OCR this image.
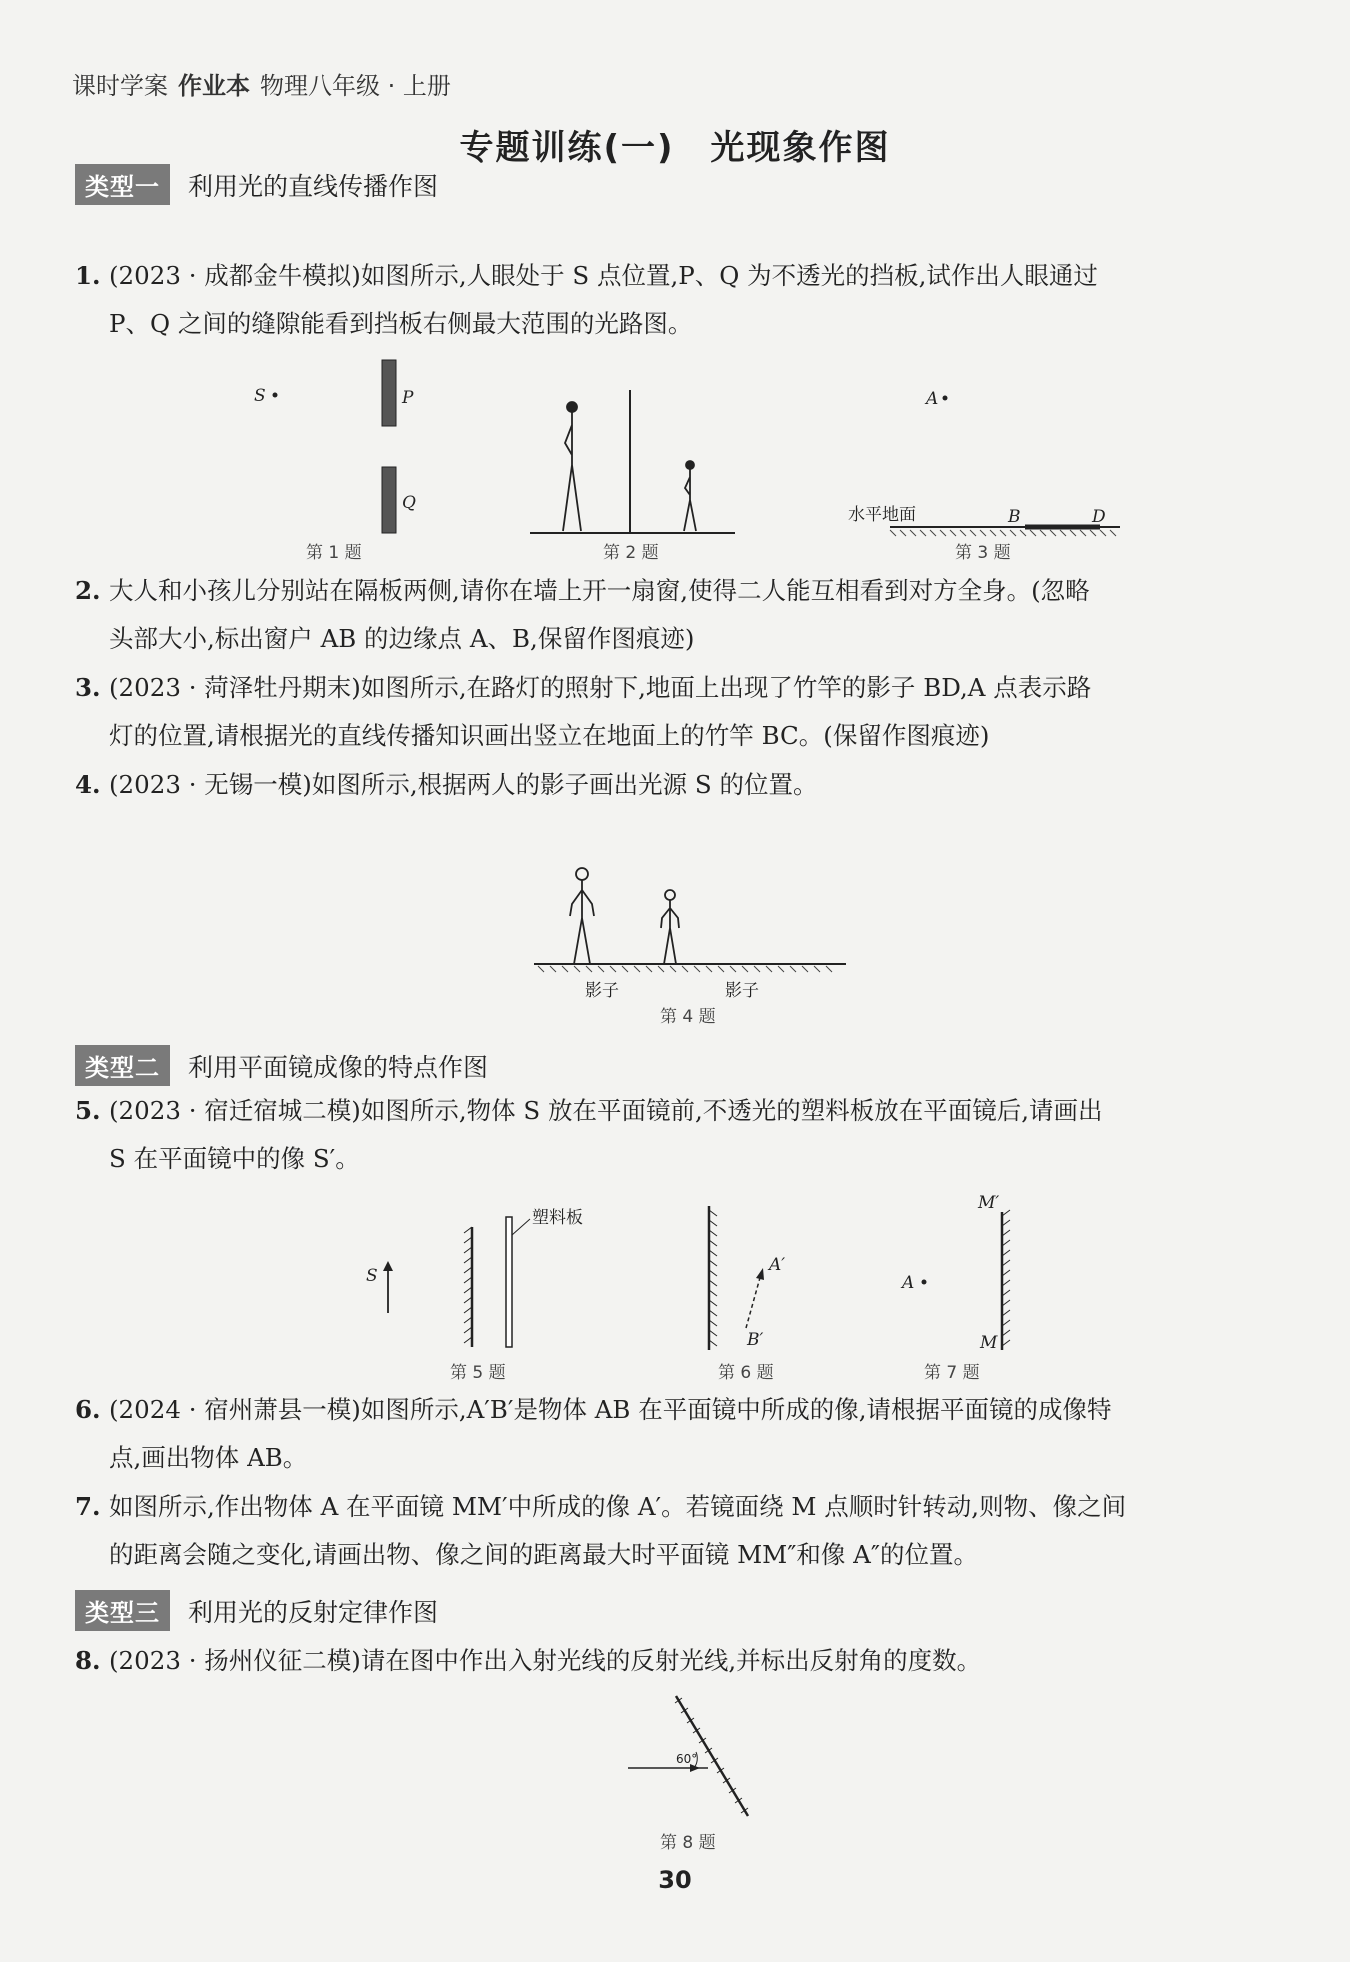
课时学案 作业本 物理八年级 · 上册
专题训练(一)　光现象作图
类型一	利用光的直线传播作图
1. (2023 · 成都金牛模拟)如图所示,人眼处于 S 点位置,P、Q 为不透光的挡板,试作出人眼通过
P、Q 之间的缝隙能看到挡板右侧最大范围的光路图。
S	P
Q
第 1 题	第 2 题
A
水平地面	B	D
第 3 题
2. 大人和小孩儿分别站在隔板两侧,请你在墙上开一扇窗,使得二人能互相看到对方全身。(忽略
头部大小,标出窗户 AB 的边缘点 A、B,保留作图痕迹)
3. (2023 · 菏泽牡丹期末)如图所示,在路灯的照射下,地面上出现了竹竿的影子 BD,A 点表示路
灯的位置,请根据光的直线传播知识画出竖立在地面上的竹竿 BC。(保留作图痕迹)
4. (2023 · 无锡一模)如图所示,根据两人的影子画出光源 S 的位置。
影子	影子
第 4 题
类型二	利用平面镜成像的特点作图
5. (2023 · 宿迁宿城二模)如图所示,物体 S 放在平面镜前,不透光的塑料板放在平面镜后,请画出
S 在平面镜中的像 S′。
S
塑料板
第 5 题
A′
B′
第 6 题
M′
A
M
第 7 题
6. (2024 · 宿州萧县一模)如图所示,A′B′是物体 AB 在平面镜中所成的像,请根据平面镜的成像特
点,画出物体 AB。
7. 如图所示,作出物体 A 在平面镜 MM′中所成的像 A′。若镜面绕 M 点顺时针转动,则物、像之间
的距离会随之变化,请画出物、像之间的距离最大时平面镜 MM″和像 A″的位置。
类型三	利用光的反射定律作图
8. (2023 · 扬州仪征二模)请在图中作出入射光线的反射光线,并标出反射角的度数。
60°
第 8 题
30
